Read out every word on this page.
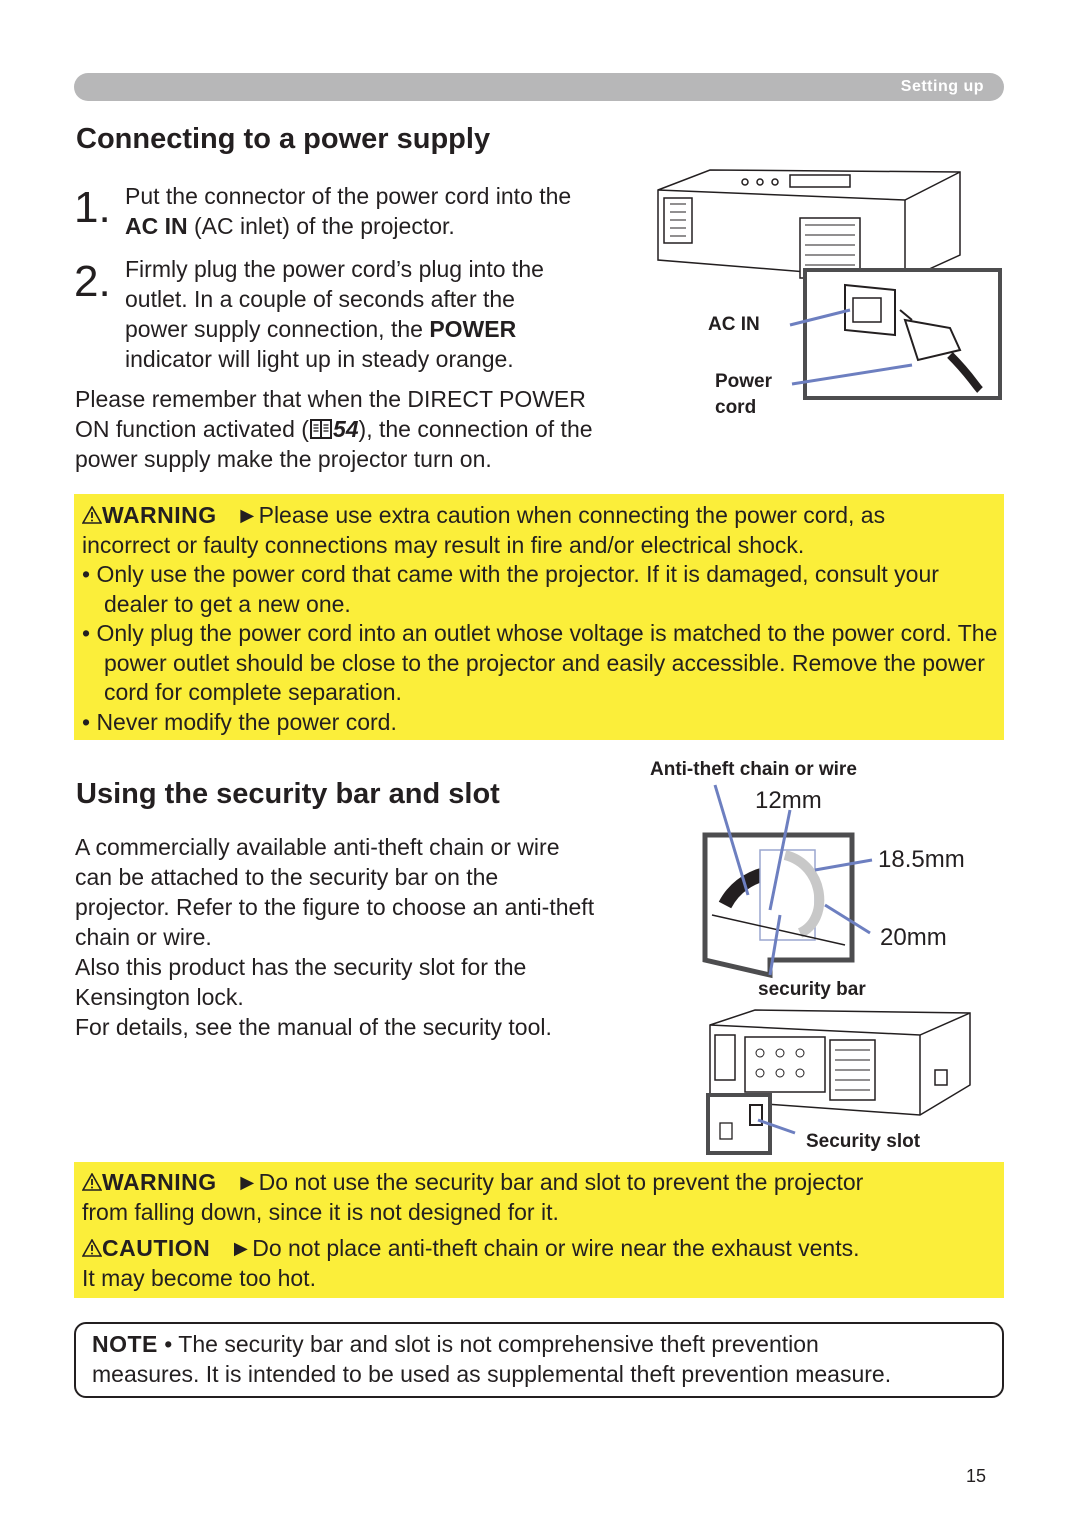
Setting up
Connecting to a power supply
1. Put the connector of the power cord into the
AC IN (AC inlet) of the projector.
2. Firmly plug the power cord’s plug into the
outlet. In a couple of seconds after the
power supply connection, the POWER
indicator will light up in steady orange.
Please remember that when the DIRECT POWER
ON function activated ( 54), the connection of the
power supply make the projector turn on.
AC IN
Power
cord
WARNING ►Please use extra caution when connecting the power cord, as
incorrect or faulty connections may result in fire and/or electrical shock.
• Only use the power cord that came with the projector. If it is damaged, consult your dealer to get a new one.
• Only plug the power cord into an outlet whose voltage is matched to the power cord. The power outlet should be close to the projector and easily accessible. Remove the power cord for complete separation.
• Never modify the power cord.
Using the security bar and slot
A commercially available anti-theft chain or wire can be attached to the security bar on the projector. Refer to the figure to choose an anti-theft chain or wire.
Also this product has the security slot for the Kensington lock.
For details, see the manual of the security tool.
Anti-theft chain or wire
12mm
18.5mm
20mm
security bar
Security slot
WARNING ►Do not use the security bar and slot to prevent the projector
from falling down, since it is not designed for it.
CAUTION ►Do not place anti-theft chain or wire near the exhaust vents.
It may become too hot.
NOTE • The security bar and slot is not comprehensive theft prevention
measures. It is intended to be used as supplemental theft prevention measure.
15
